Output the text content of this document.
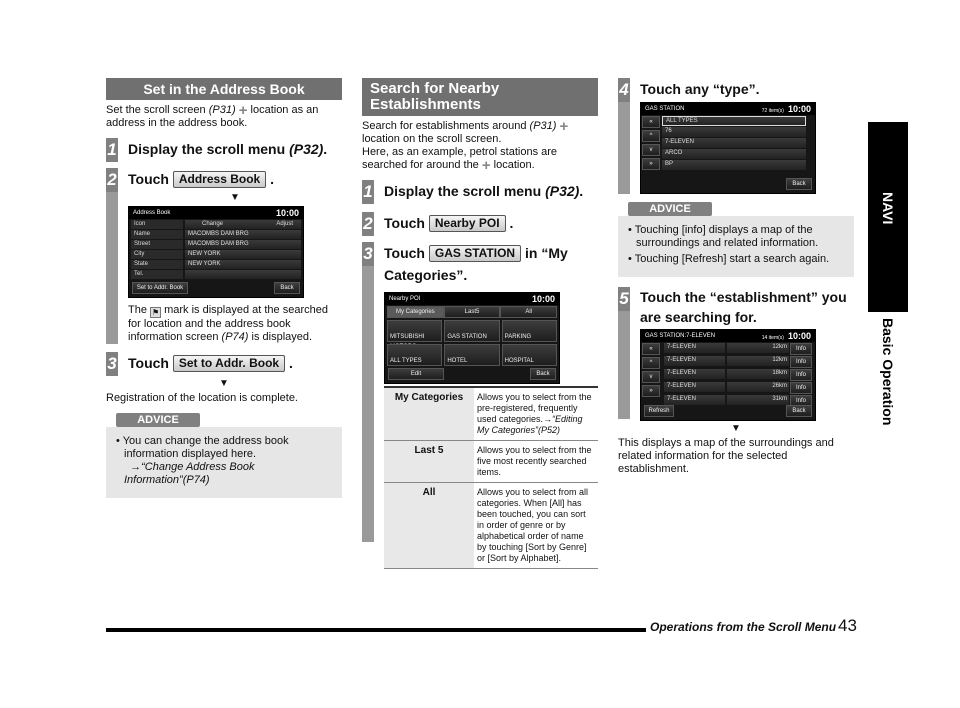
Set in the Address Book
Set the scroll screen (P31) + location as an address in the address book.
1 Display the scroll menu (P32).
2 Touch Address Book .
▼
Address Book	10:00
Icon	Change	Adjust
Name	MACOMBS DAM BRG
Street	MACOMBS DAM BRG
City	NEW YORK
State	NEW YORK
Tel.
Set to Addr. Book	Back
The ⚑ mark is displayed at the searched for location and the address book information screen (P74) is displayed.
3 Touch Set to Addr. Book .
▼
Registration of the location is complete.
ADVICE
• You can change the address book information displayed here.
→“Change Address Book Information”(P74)
Search for Nearby Establishments
Search for establishments around (P31) + location on the scroll screen.
Here, as an example, petrol stations are searched for around the + location.
1 Display the scroll menu (P32).
2 Touch Nearby POI .
3 Touch GAS STATION in “My Categories”.
Nearby POI	10:00
My Categories	Last5	All
MITSUBISHI	GAS STATION	PARKING
ALL TYPES	HOTEL	HOSPITAL
Edit	Back
My Categories	Allows you to select from the pre-registered, frequently used categories.→“Editing My Categories”(P52)
Last 5	Allows you to select from the five most recently searched items.
All	Allows you to select from all categories. When [All] has been touched, you can sort in order of genre or by alphabetical order of name by touching [Sort by Genre] or [Sort by Alphabet].
4 Touch any “type”.
GAS STATION	72 item(s) 10:00
« ^ v »
ALL TYPES
76
7-ELEVEN
ARCO
BP
Back
ADVICE
• Touching [info] displays a map of the surroundings and related information.
• Touching [Refresh] start a search again.
5 Touch the “establishment” you are searching for.
GAS STATION:7-ELEVEN	14 item(s) 10:00
« ^ v »
7-ELEVEN	12km	Info
7-ELEVEN	12km	Info
7-ELEVEN	18km	Info
7-ELEVEN	26km	Info
7-ELEVEN	31km	Info
Refresh	Back
▼
This displays a map of the surroundings and related information for the selected establishment.
NAVI
Basic Operation
Operations from the Scroll Menu 43
